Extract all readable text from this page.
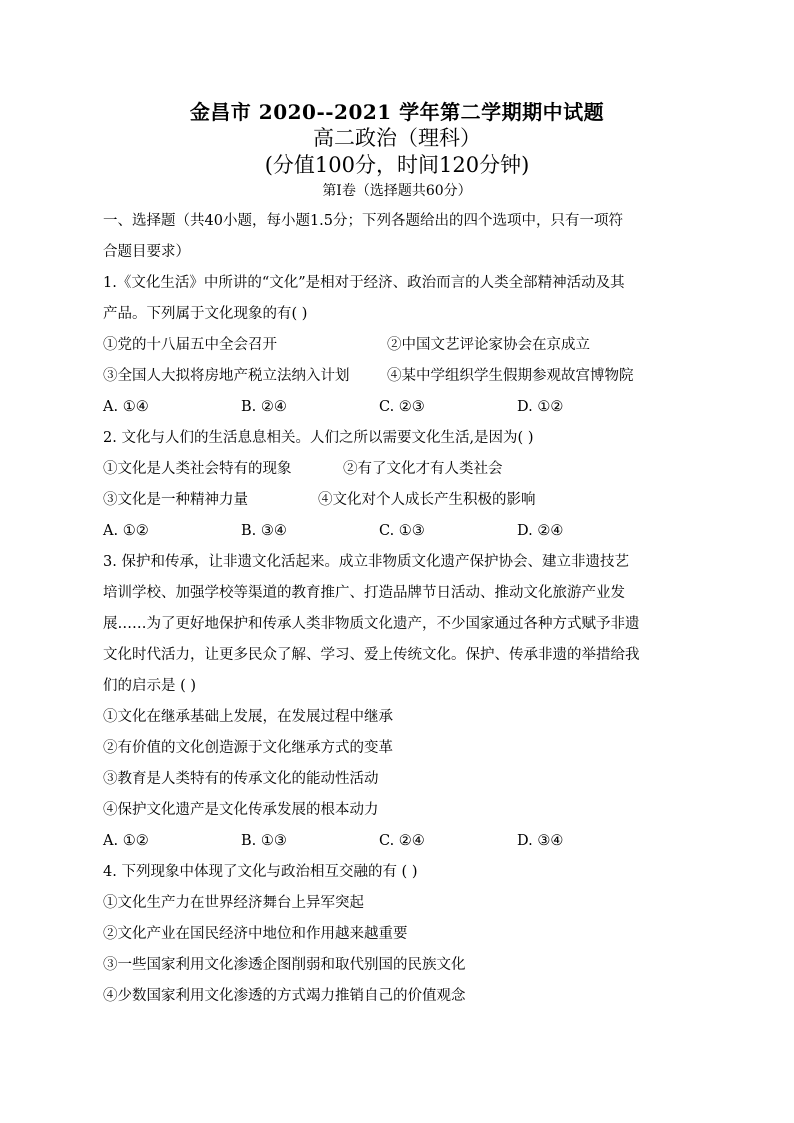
金昌市 2020--2021 学年第二学期期中试题
高二政治（理科）
(分值100分，时间120分钟)
第Ⅰ卷（选择题共60分）
一、选择题（共40小题，每小题1.5分；下列各题给出的四个选项中，只有一项符
合题目要求）
1.《文化生活》中所讲的“文化”是相对于经济、政治而言的人类全部精神活动及其
产品。下列属于文化现象的有( )
①党的十八届五中全会召开	②中国文艺评论家协会在京成立
③全国人大拟将房地产税立法纳入计划	④某中学组织学生假期参观故宫博物院
A. ①④	B. ②④	C. ②③	D. ①②
2. 文化与人们的生活息息相关。人们之所以需要文化生活,是因为( )
①文化是人类社会特有的现象	②有了文化才有人类社会
③文化是一种精神力量	④文化对个人成长产生积极的影响
A. ①②	B. ③④	C. ①③	D. ②④
3. 保护和传承，让非遗文化活起来。成立非物质文化遗产保护协会、建立非遗技艺
培训学校、加强学校等渠道的教育推广、打造品牌节日活动、推动文化旅游产业发
展……为了更好地保护和传承人类非物质文化遗产，不少国家通过各种方式赋予非遗
文化时代活力，让更多民众了解、学习、爱上传统文化。保护、传承非遗的举措给我
们的启示是 ( )
①文化在继承基础上发展，在发展过程中继承
②有价值的文化创造源于文化继承方式的变革
③教育是人类特有的传承文化的能动性活动
④保护文化遗产是文化传承发展的根本动力
A. ①②	B. ①③	C. ②④	D. ③④
4. 下列现象中体现了文化与政治相互交融的有 ( )
①文化生产力在世界经济舞台上异军突起
②文化产业在国民经济中地位和作用越来越重要
③一些国家利用文化渗透企图削弱和取代别国的民族文化
④少数国家利用文化渗透的方式竭力推销自己的价值观念
